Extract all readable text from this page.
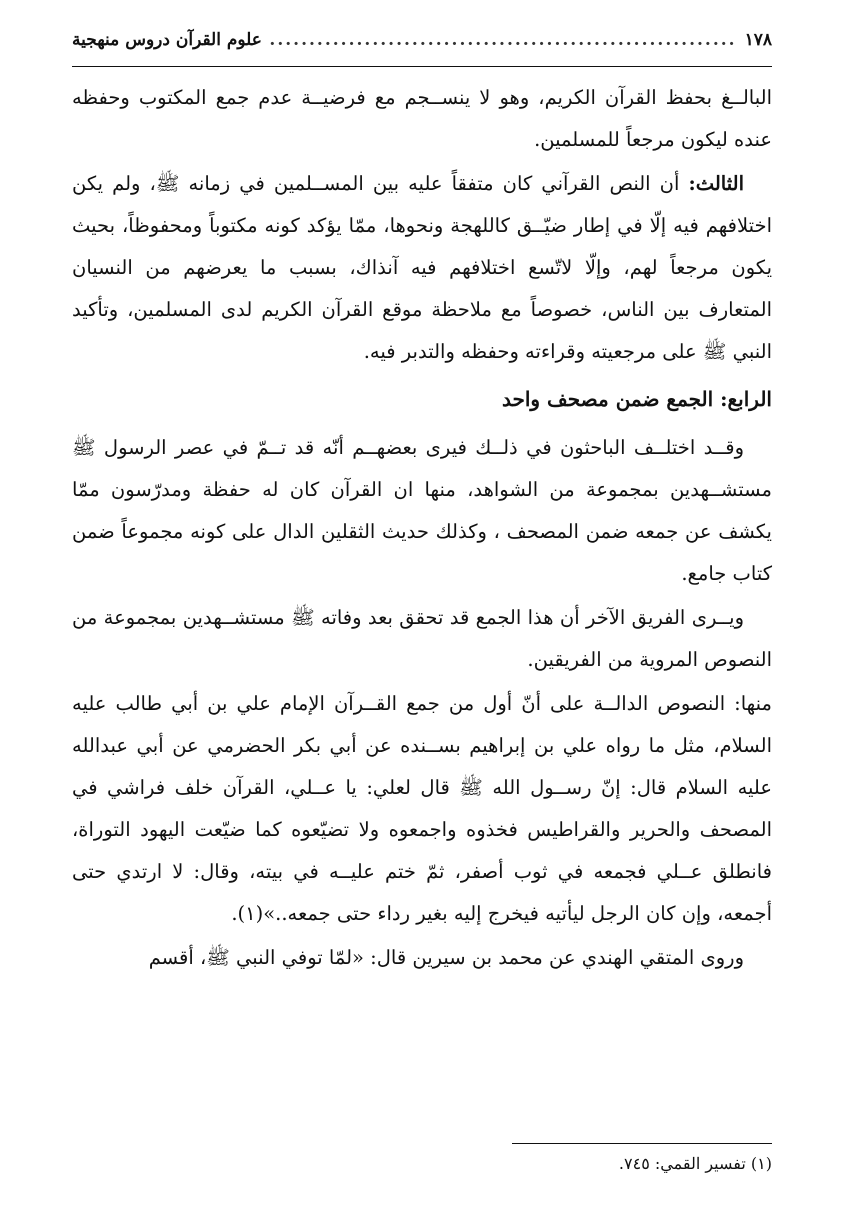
١٧٨
.....
علوم القرآن دروس منهجية

البالــغ بحفظ القرآن الكريم، وهو لا ينســجم مع فرضيــة عدم جمع المكتوب وحفظه عنده ليكون مرجعاً للمسلمين.

الثالث: أن النص القرآني كان متفقاً عليه بين المســلمين في زمانه ﷺ، ولم يكن اختلافهم فيه إلّا في إطار ضيّــق كاللهجة ونحوها، ممّا يؤكد كونه مكتوباً ومحفوظاً، بحيث يكون مرجعاً لهم، وإلّا لاتّسع اختلافهم فيه آنذاك، بسبب ما يعرضهم من النسيان المتعارف بين الناس، خصوصاً مع ملاحظة موقع القرآن الكريم لدى المسلمين، وتأكيد النبي ﷺ على مرجعيته وقراءته وحفظه والتدبر فيه.

الرابع: الجمع ضمن مصحف واحد

وقــد اختلــف الباحثون في ذلــك فيرى بعضهــم أنّه قد تــمّ في عصر الرسول ﷺ مستشــهدين بمجموعة من الشواهد، منها ان القرآن كان له حفظة ومدرّسون ممّا يكشف عن جمعه ضمن المصحف ، وكذلك حديث الثقلين الدال على كونه مجموعاً ضمن كتاب جامع.

ويــرى الفريق الآخر أن هذا الجمع قد تحقق بعد وفاته ﷺ مستشــهدين بمجموعة من النصوص المروية من الفريقين.

منها: النصوص الدالــة على أنّ أول من جمع القــرآن الإمام علي بن أبي طالب عليه السلام، مثل ما رواه علي بن إبراهيم بســنده عن أبي بكر الحضرمي عن أبي عبدالله عليه السلام قال: إنّ رســول الله ﷺ قال لعلي: يا عــلي، القرآن خلف فراشي في المصحف والحرير والقراطيس فخذوه واجمعوه ولا تضيّعوه كما ضيّعت اليهود التوراة، فانطلق عــلي فجمعه في ثوب أصفر، ثمّ ختم عليــه في بيته، وقال: لا ارتدي حتى أجمعه، وإن كان الرجل ليأتيه فيخرج إليه بغير رداء حتى جمعه..»(١).

وروى المتقي الهندي عن محمد بن سيرين قال: «لمّا توفي النبي ﷺ، أقسم

(١) تفسير القمي: ٧٤٥.
